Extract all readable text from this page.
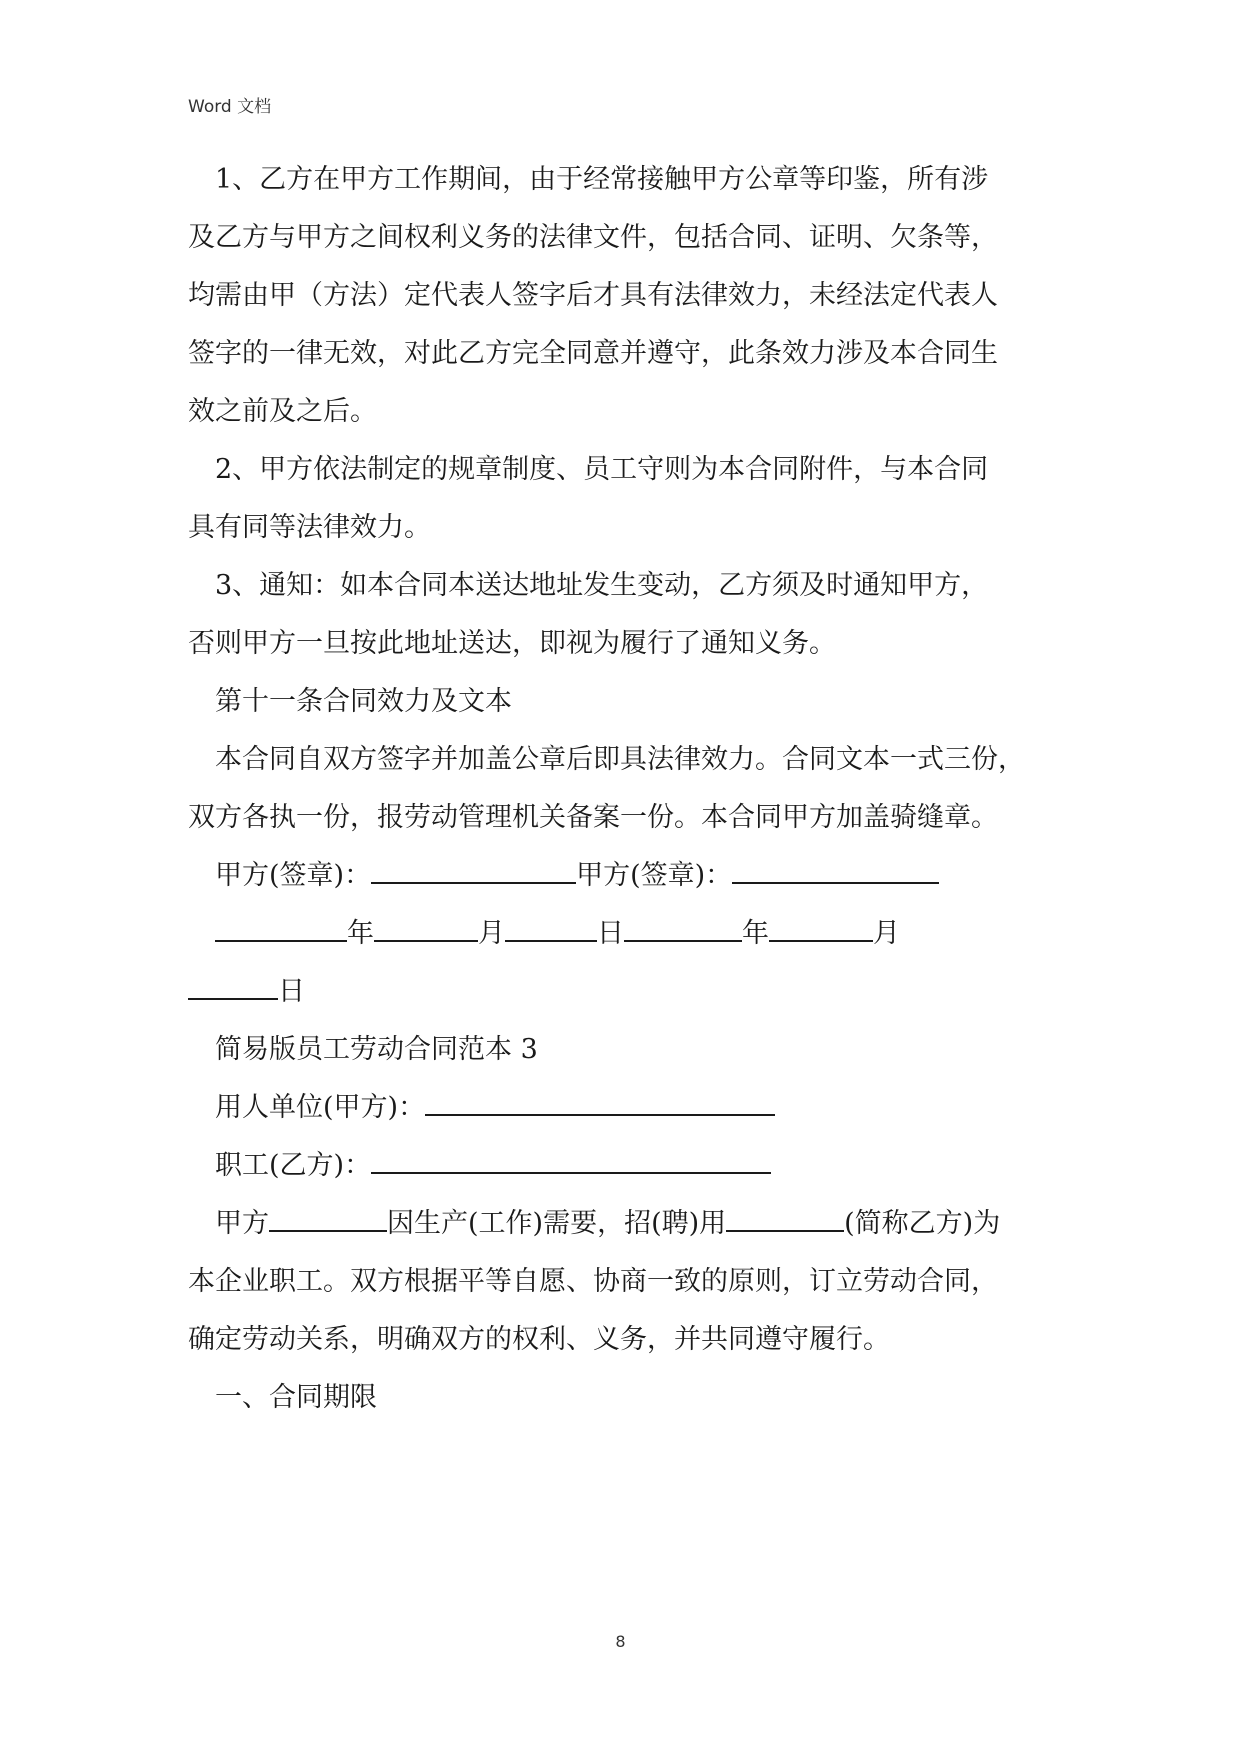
Word 文档
1、乙方在甲方工作期间，由于经常接触甲方公章等印鉴，所有涉
及乙方与甲方之间权利义务的法律文件，包括合同、证明、欠条等，
均需由甲（方法）定代表人签字后才具有法律效力，未经法定代表人
签字的一律无效，对此乙方完全同意并遵守，此条效力涉及本合同生
效之前及之后。
2、甲方依法制定的规章制度、员工守则为本合同附件，与本合同
具有同等法律效力。
3、通知：如本合同本送达地址发生变动，乙方须及时通知甲方，
否则甲方一旦按此地址送达，即视为履行了通知义务。
第十一条合同效力及文本
本合同自双方签字并加盖公章后即具法律效力。合同文本一式三份，
双方各执一份，报劳动管理机关备案一份。本合同甲方加盖骑缝章。
甲方(签章)：	甲方(签章)：
年	月	日	年	月
日
简易版员工劳动合同范本 3
用人单位(甲方)：
职工(乙方)：
甲方	因生产(工作)需要，招(聘)用	(简称乙方)为
本企业职工。双方根据平等自愿、协商一致的原则，订立劳动合同，
确定劳动关系，明确双方的权利、义务，并共同遵守履行。
一、合同期限
8
